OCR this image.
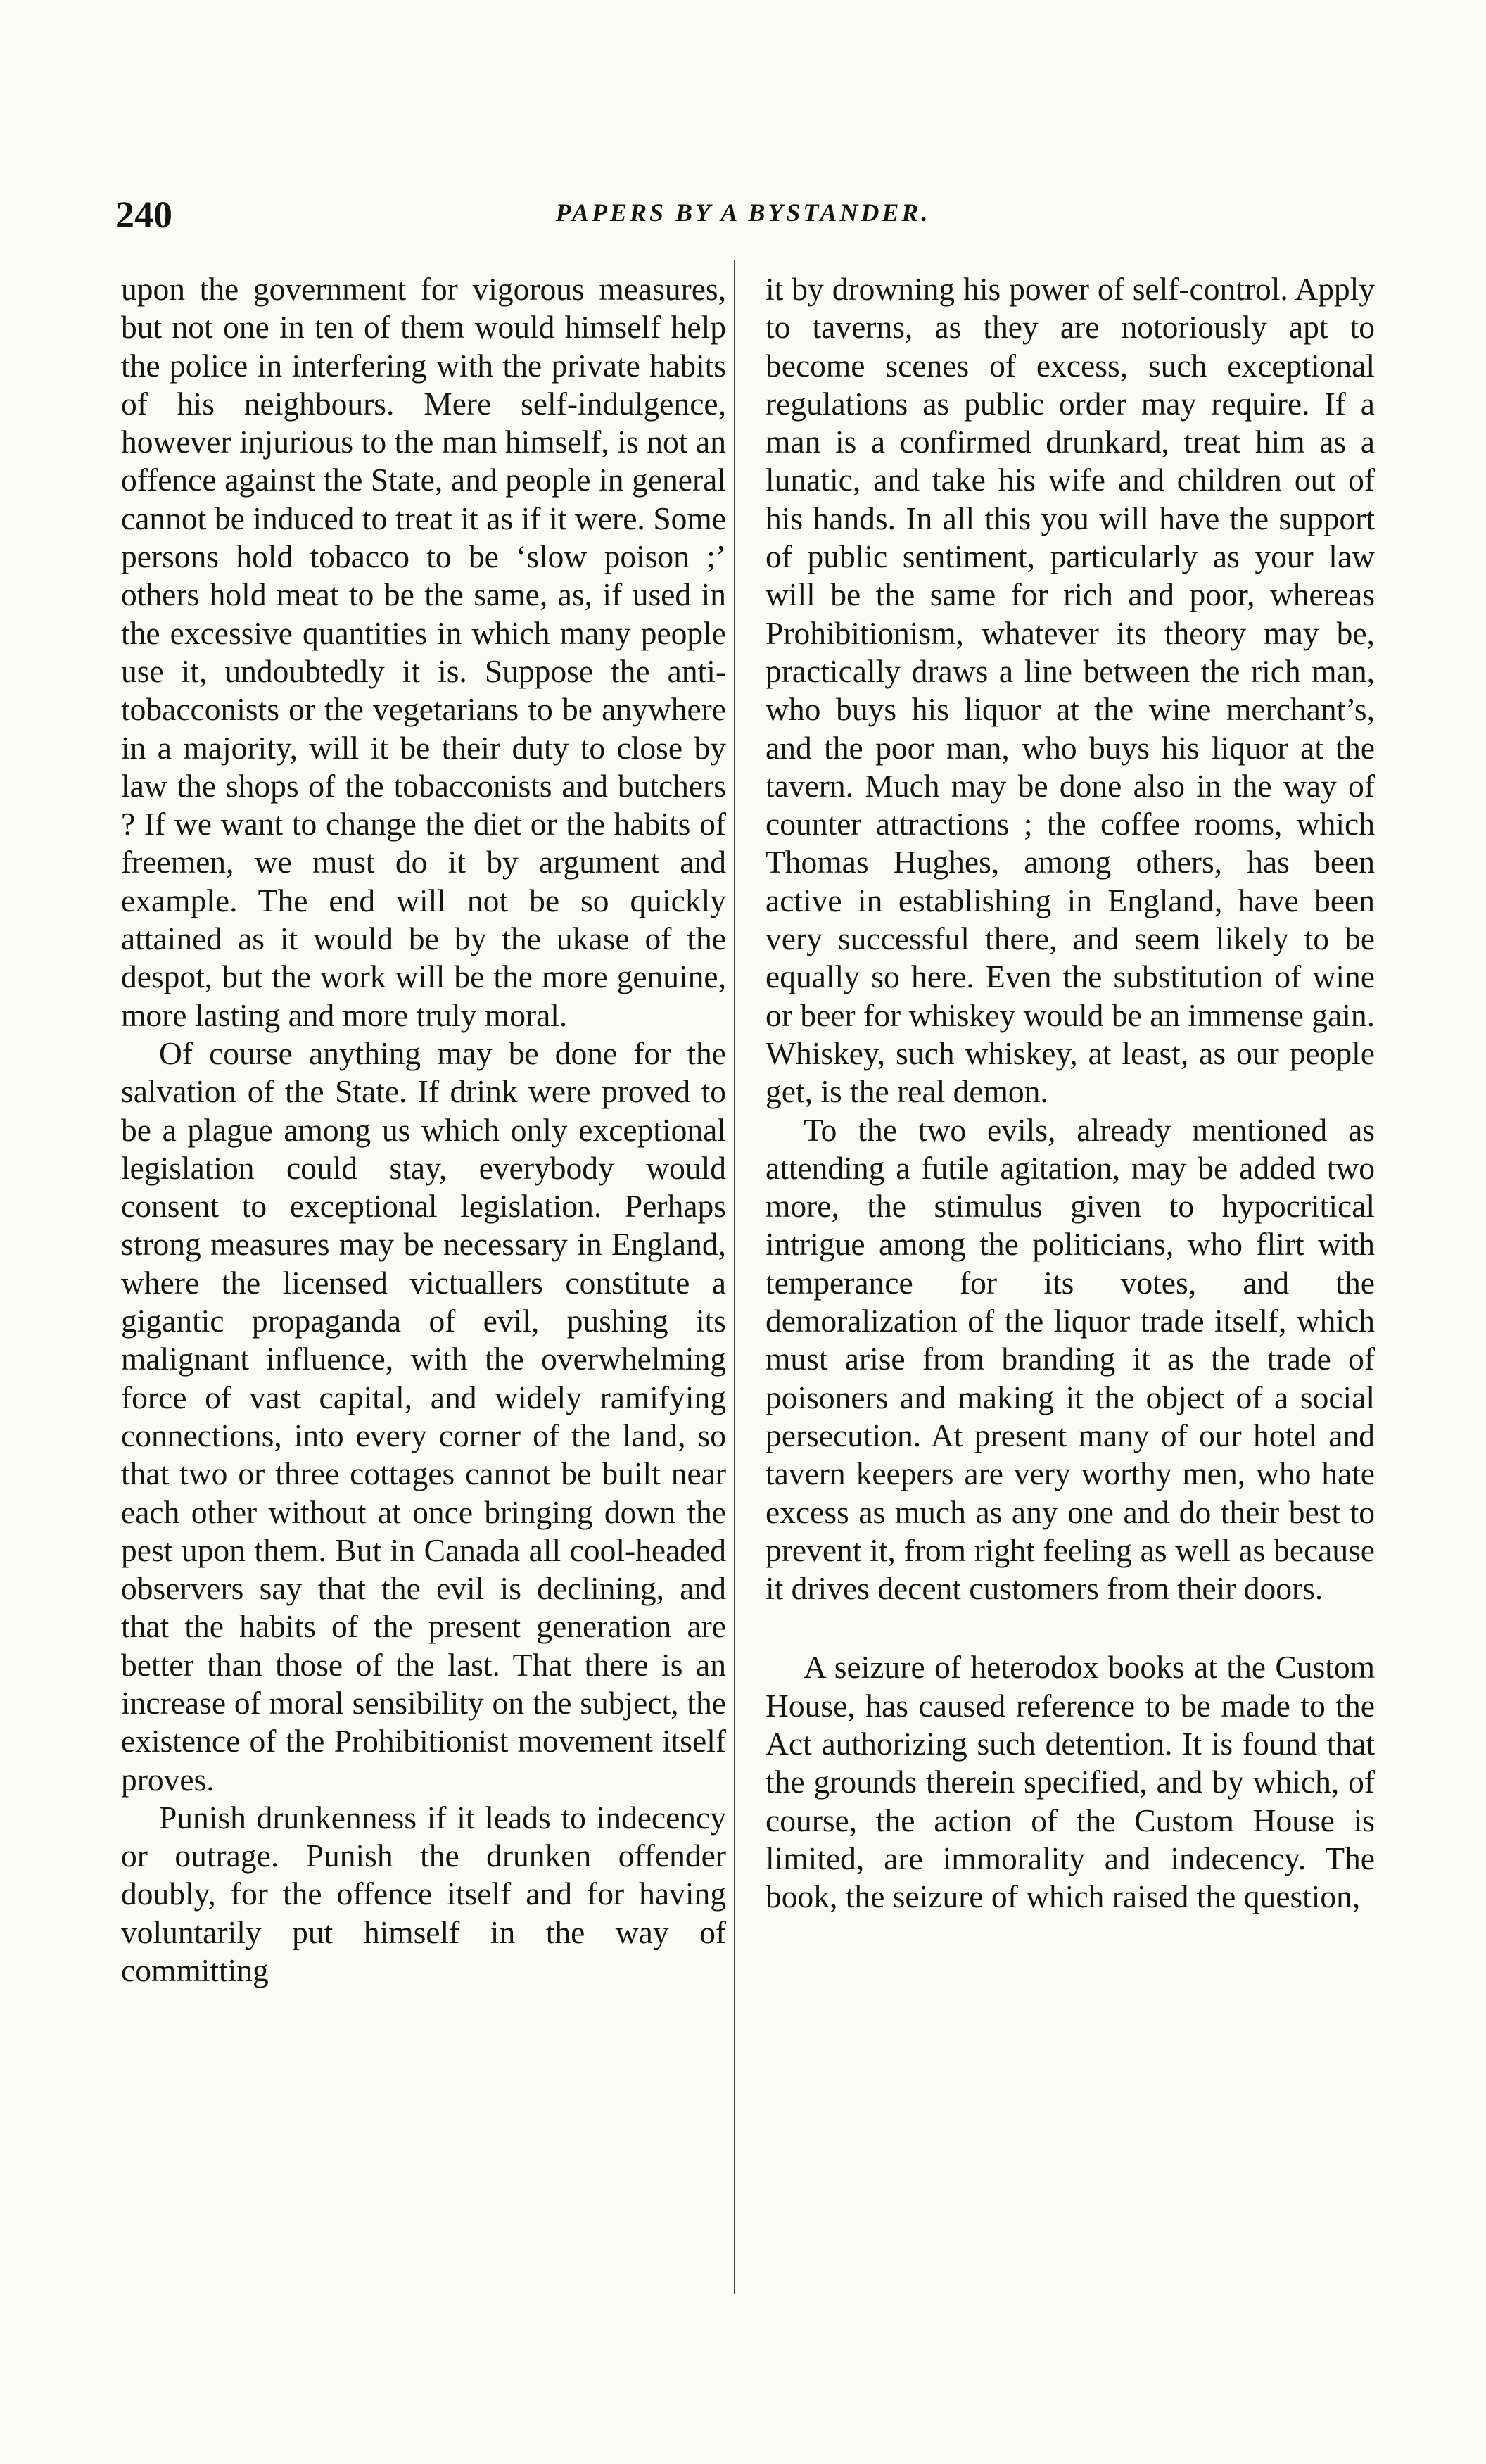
240	PAPERS BY A BYSTANDER.

upon the government for vigorous measures, but not one in ten of them would himself help the police in interfering with the private habits of his neighbours. Mere self-indulgence, however injurious to the man himself, is not an offence against the State, and people in general cannot be induced to treat it as if it were. Some persons hold tobacco to be ‘slow poison ;’ others hold meat to be the same, as, if used in the excessive quantities in which many people use it, undoubtedly it is. Suppose the anti-tobacconists or the vegetarians to be anywhere in a majority, will it be their duty to close by law the shops of the tobacconists and butchers ? If we want to change the diet or the habits of freemen, we must do it by argument and example. The end will not be so quickly attained as it would be by the ukase of the despot, but the work will be the more genuine, more lasting and more truly moral.

Of course anything may be done for the salvation of the State. If drink were proved to be a plague among us which only exceptional legislation could stay, everybody would consent to exceptional legislation. Perhaps strong measures may be necessary in England, where the licensed victuallers constitute a gigantic propaganda of evil, pushing its malignant influence, with the overwhelming force of vast capital, and widely ramifying connections, into every corner of the land, so that two or three cottages cannot be built near each other without at once bringing down the pest upon them. But in Canada all cool-headed observers say that the evil is declining, and that the habits of the present generation are better than those of the last. That there is an increase of moral sensibility on the subject, the existence of the Prohibitionist movement itself proves.

Punish drunkenness if it leads to indecency or outrage. Punish the drunken offender doubly, for the offence itself and for having voluntarily put himself in the way of committing

it by drowning his power of self-control. Apply to taverns, as they are notoriously apt to become scenes of excess, such exceptional regulations as public order may require. If a man is a confirmed drunkard, treat him as a lunatic, and take his wife and children out of his hands. In all this you will have the support of public sentiment, particularly as your law will be the same for rich and poor, whereas Prohibitionism, whatever its theory may be, practically draws a line between the rich man, who buys his liquor at the wine merchant’s, and the poor man, who buys his liquor at the tavern. Much may be done also in the way of counter attractions ; the coffee rooms, which Thomas Hughes, among others, has been active in establishing in England, have been very successful there, and seem likely to be equally so here. Even the substitution of wine or beer for whiskey would be an immense gain. Whiskey, such whiskey, at least, as our people get, is the real demon.

To the two evils, already mentioned as attending a futile agitation, may be added two more, the stimulus given to hypocritical intrigue among the politicians, who flirt with temperance for its votes, and the demoralization of the liquor trade itself, which must arise from branding it as the trade of poisoners and making it the object of a social persecution. At present many of our hotel and tavern keepers are very worthy men, who hate excess as much as any one and do their best to prevent it, from right feeling as well as because it drives decent customers from their doors.

A seizure of heterodox books at the Custom House, has caused reference to be made to the Act authorizing such detention. It is found that the grounds therein specified, and by which, of course, the action of the Custom House is limited, are immorality and indecency. The book, the seizure of which raised the question,
